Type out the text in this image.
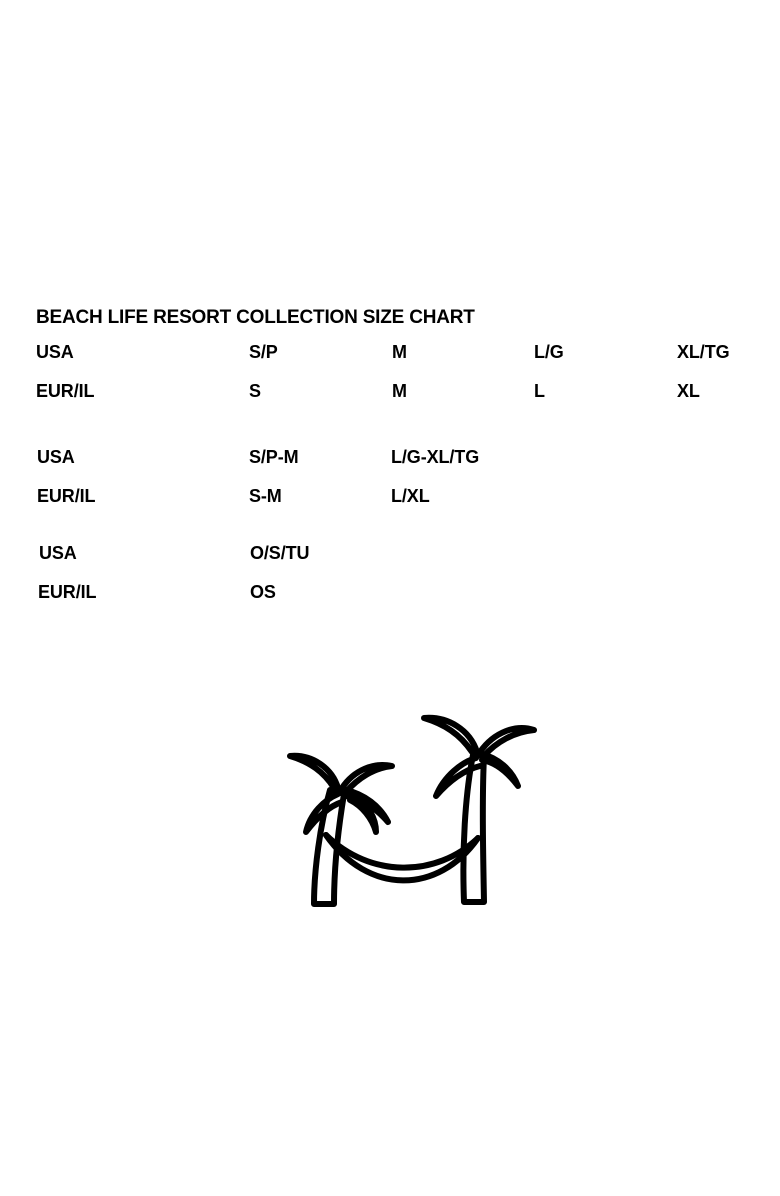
BEACH LIFE RESORT COLLECTION SIZE CHART
USA	S/P	M	L/G	XL/TG
EUR/IL	S	M	L	XL
USA	S/P-M	L/G-XL/TG
EUR/IL	S-M	L/XL
USA	O/S/TU
EUR/IL	OS
